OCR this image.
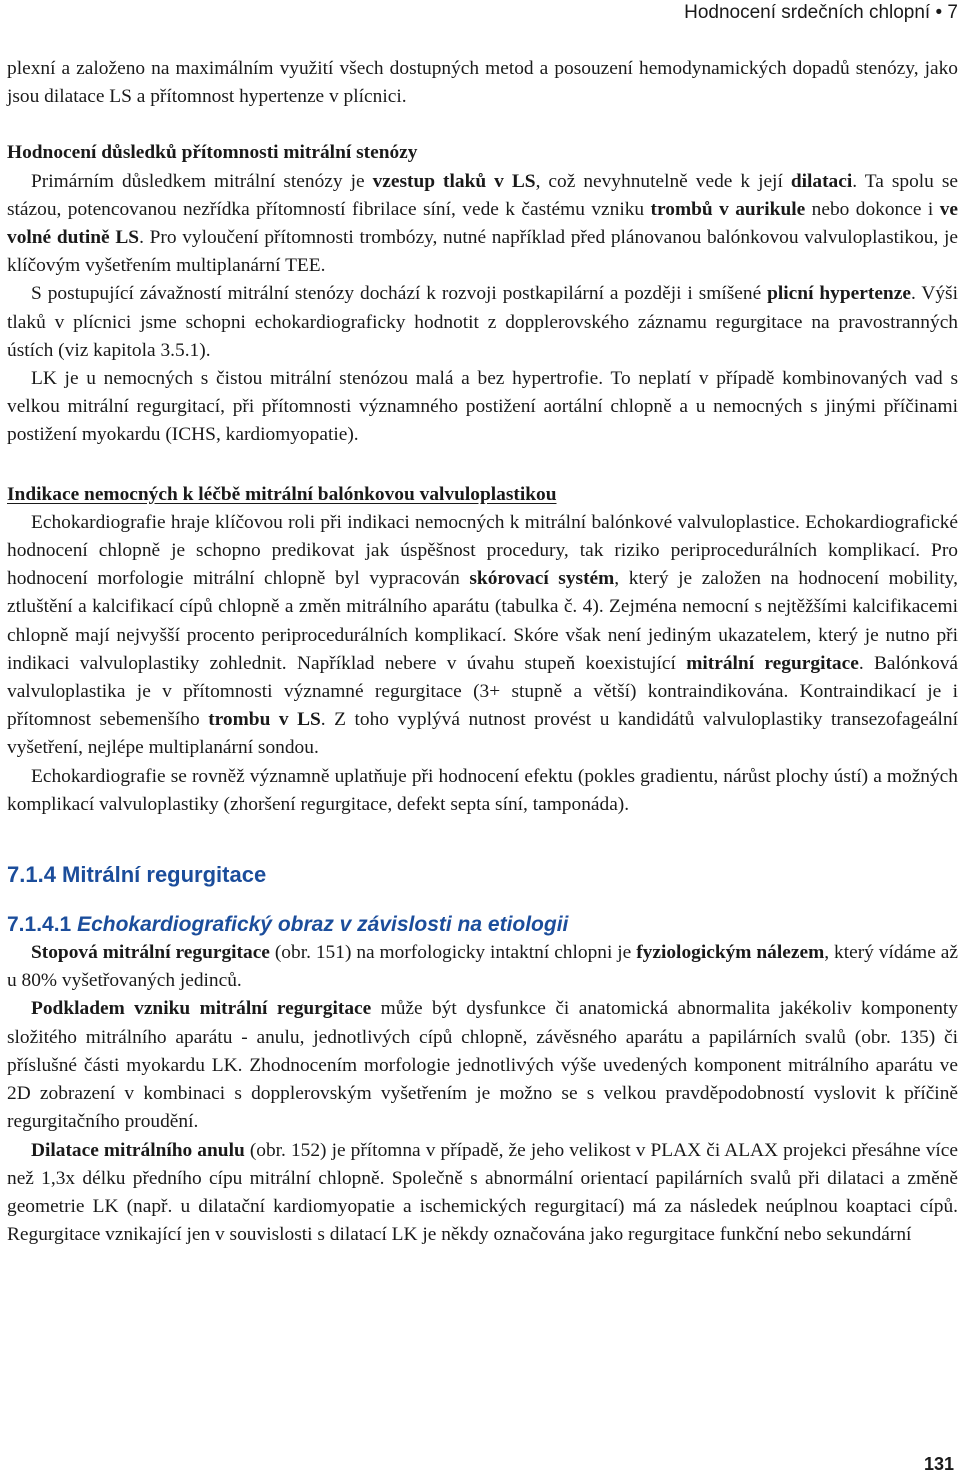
Hodnocení srdečních chlopní • 7

plexní a založeno na maximálním využití všech dostupných metod a posouzení hemodynamických dopadů stenózy, jako jsou dilatace LS a přítomnost hypertenze v plícnici.

Hodnocení důsledků přítomnosti mitrální stenózy

Primárním důsledkem mitrální stenózy je vzestup tlaků v LS, což nevyhnutelně vede k její dilataci. Ta spolu se stázou, potencovanou nezřídka přítomností fibrilace síní, vede k častému vzniku trombů v aurikule nebo dokonce i ve volné dutině LS. Pro vyloučení přítomnosti trombózy, nutné například před plánovanou balónkovou valvuloplastikou, je klíčovým vyšetřením multiplanární TEE.

S postupující závažností mitrální stenózy dochází k rozvoji postkapilární a později i smíšené plicní hypertenze. Výši tlaků v plícnici jsme schopni echokardiograficky hodnotit z dopplerovského záznamu regurgitace na pravostranných ústích (viz kapitola 3.5.1).

LK je u nemocných s čistou mitrální stenózou malá a bez hypertrofie. To neplatí v případě kombinovaných vad s velkou mitrální regurgitací, při přítomnosti významného postižení aortální chlopně a u nemocných s jinými příčinami postižení myokardu (ICHS, kardiomyopatie).

Indikace nemocných k léčbě mitrální balónkovou valvuloplastikou

Echokardiografie hraje klíčovou roli při indikaci nemocných k mitrální balónkové valvuloplastice. Echokardiografické hodnocení chlopně je schopno predikovat jak úspěšnost procedury, tak riziko periprocedurálních komplikací. Pro hodnocení morfologie mitrální chlopně byl vypracován skórovací systém, který je založen na hodnocení mobility, ztluštění a kalcifikací cípů chlopně a změn mitrálního aparátu (tabulka č. 4). Zejména nemocní s nejtěžšími kalcifikacemi chlopně mají nejvyšší procento periprocedurálních komplikací. Skóre však není jediným ukazatelem, který je nutno při indikaci valvuloplastiky zohlednit. Například nebere v úvahu stupeň koexistující mitrální regurgitace. Balónková valvuloplastika je v přítomnosti významné regurgitace (3+ stupně a větší) kontraindikována. Kontraindikací je i přítomnost sebemenšího trombu v LS. Z toho vyplývá nutnost provést u kandidátů valvuloplastiky transezofageální vyšetření, nejlépe multiplanární sondou.

Echokardiografie se rovněž významně uplatňuje při hodnocení efektu (pokles gradientu, nárůst plochy ústí) a možných komplikací valvuloplastiky (zhoršení regurgitace, defekt septa síní, tamponáda).

7.1.4 Mitrální regurgitace
7.1.4.1 Echokardiografický obraz v závislosti na etiologii

Stopová mitrální regurgitace (obr. 151) na morfologicky intaktní chlopni je fyziologickým nálezem, který vídáme až u 80% vyšetřovaných jedinců.

Podkladem vzniku mitrální regurgitace může být dysfunkce či anatomická abnormalita jakékoliv komponenty složitého mitrálního aparátu - anulu, jednotlivých cípů chlopně, závěsného aparátu a papilárních svalů (obr. 135) či příslušné části myokardu LK. Zhodnocením morfologie jednotlivých výše uvedených komponent mitrálního aparátu ve 2D zobrazení v kombinaci s dopplerovským vyšetřením je možno se s velkou pravděpodobností vyslovit k příčině regurgitačního proudění.

Dilatace mitrálního anulu (obr. 152) je přítomna v případě, že jeho velikost v PLAX či ALAX projekci přesáhne více než 1,3x délku předního cípu mitrální chlopně. Společně s abnormální orientací papilárních svalů při dilataci a změně geometrie LK (např. u dilatační kardiomyopatie a ischemických regurgitací) má za následek neúplnou koaptaci cípů. Regurgitace vznikající jen v souvislosti s dilatací LK je někdy označována jako regurgitace funkční nebo sekundární

131
